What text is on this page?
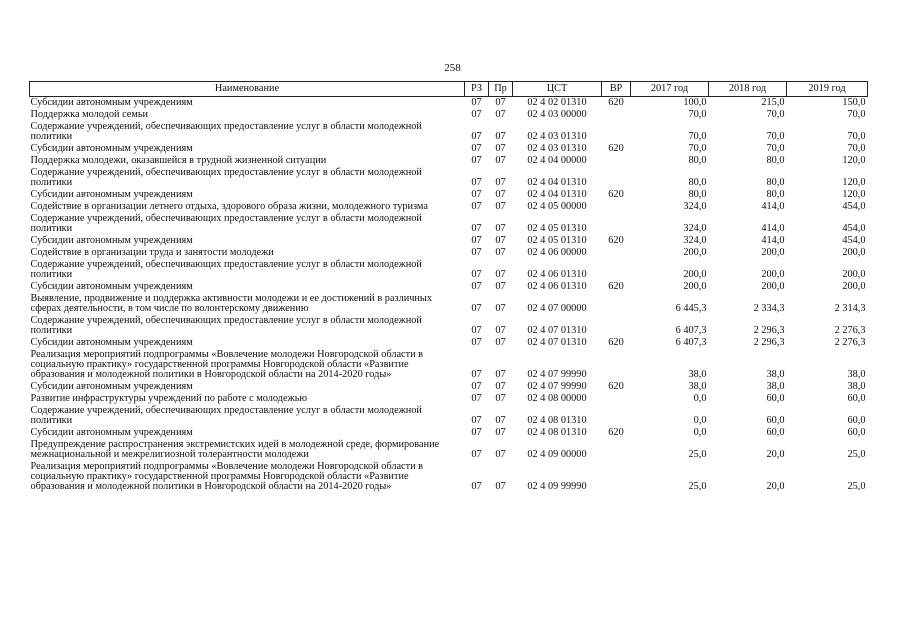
258
Наименование	РЗ	Пр	ЦСТ	ВР	2017 год	2018 год	2019 год
Субсидии автономным учреждениям	07	07	02 4 02 01310	620	100,0	215,0	150,0
Поддержка молодой семьи	07	07	02 4 03 00000		70,0	70,0	70,0
Содержание учреждений, обеспечивающих предоставление услуг в области молодежной политики	07	07	02 4 03 01310		70,0	70,0	70,0
Субсидии автономным учреждениям	07	07	02 4 03 01310	620	70,0	70,0	70,0
Поддержка молодежи, оказавшейся в трудной жизненной ситуации	07	07	02 4 04 00000		80,0	80,0	120,0
Содержание учреждений, обеспечивающих предоставление услуг в области молодежной политики	07	07	02 4 04 01310		80,0	80,0	120,0
Субсидии автономным учреждениям	07	07	02 4 04 01310	620	80,0	80,0	120,0
Содействие в организации летнего отдыха, здорового образа жизни, молодежного туризма	07	07	02 4 05 00000		324,0	414,0	454,0
Содержание учреждений, обеспечивающих предоставление услуг в области молодежной политики	07	07	02 4 05 01310		324,0	414,0	454,0
Субсидии автономным учреждениям	07	07	02 4 05 01310	620	324,0	414,0	454,0
Содействие в организации труда и занятости молодежи	07	07	02 4 06 00000		200,0	200,0	200,0
Содержание учреждений, обеспечивающих предоставление услуг в области молодежной политики	07	07	02 4 06 01310		200,0	200,0	200,0
Субсидии автономным учреждениям	07	07	02 4 06 01310	620	200,0	200,0	200,0
Выявление, продвижение и поддержка активности молодежи и ее достижений в различных сферах деятельности, в том числе по волонтерскому движению	07	07	02 4 07 00000		6 445,3	2 334,3	2 314,3
Содержание учреждений, обеспечивающих предоставление услуг в области молодежной политики	07	07	02 4 07 01310		6 407,3	2 296,3	2 276,3
Субсидии автономным учреждениям	07	07	02 4 07 01310	620	6 407,3	2 296,3	2 276,3
Реализация мероприятий подпрограммы «Вовлечение молодежи Новгородской области в социальную практику» государственной программы Новгородской области «Развитие образования и молодежной политики в Новгородской области на 2014-2020 годы»	07	07	02 4 07 99990		38,0	38,0	38,0
Субсидии автономным учреждениям	07	07	02 4 07 99990	620	38,0	38,0	38,0
Развитие инфраструктуры учреждений по работе с молодежью	07	07	02 4 08 00000		0,0	60,0	60,0
Содержание учреждений, обеспечивающих предоставление услуг в области молодежной политики	07	07	02 4 08 01310		0,0	60,0	60,0
Субсидии автономным учреждениям	07	07	02 4 08 01310	620	0,0	60,0	60,0
Предупреждение распространения экстремистских идей в молодежной среде, формирование межнациональной и межрелигиозной толерантности молодежи	07	07	02 4 09 00000		25,0	20,0	25,0
Реализация мероприятий подпрограммы «Вовлечение молодежи Новгородской области в социальную практику» государственной программы Новгородской области «Развитие образования и молодежной политики в Новгородской области на 2014-2020 годы»	07	07	02 4 09 99990		25,0	20,0	25,0
